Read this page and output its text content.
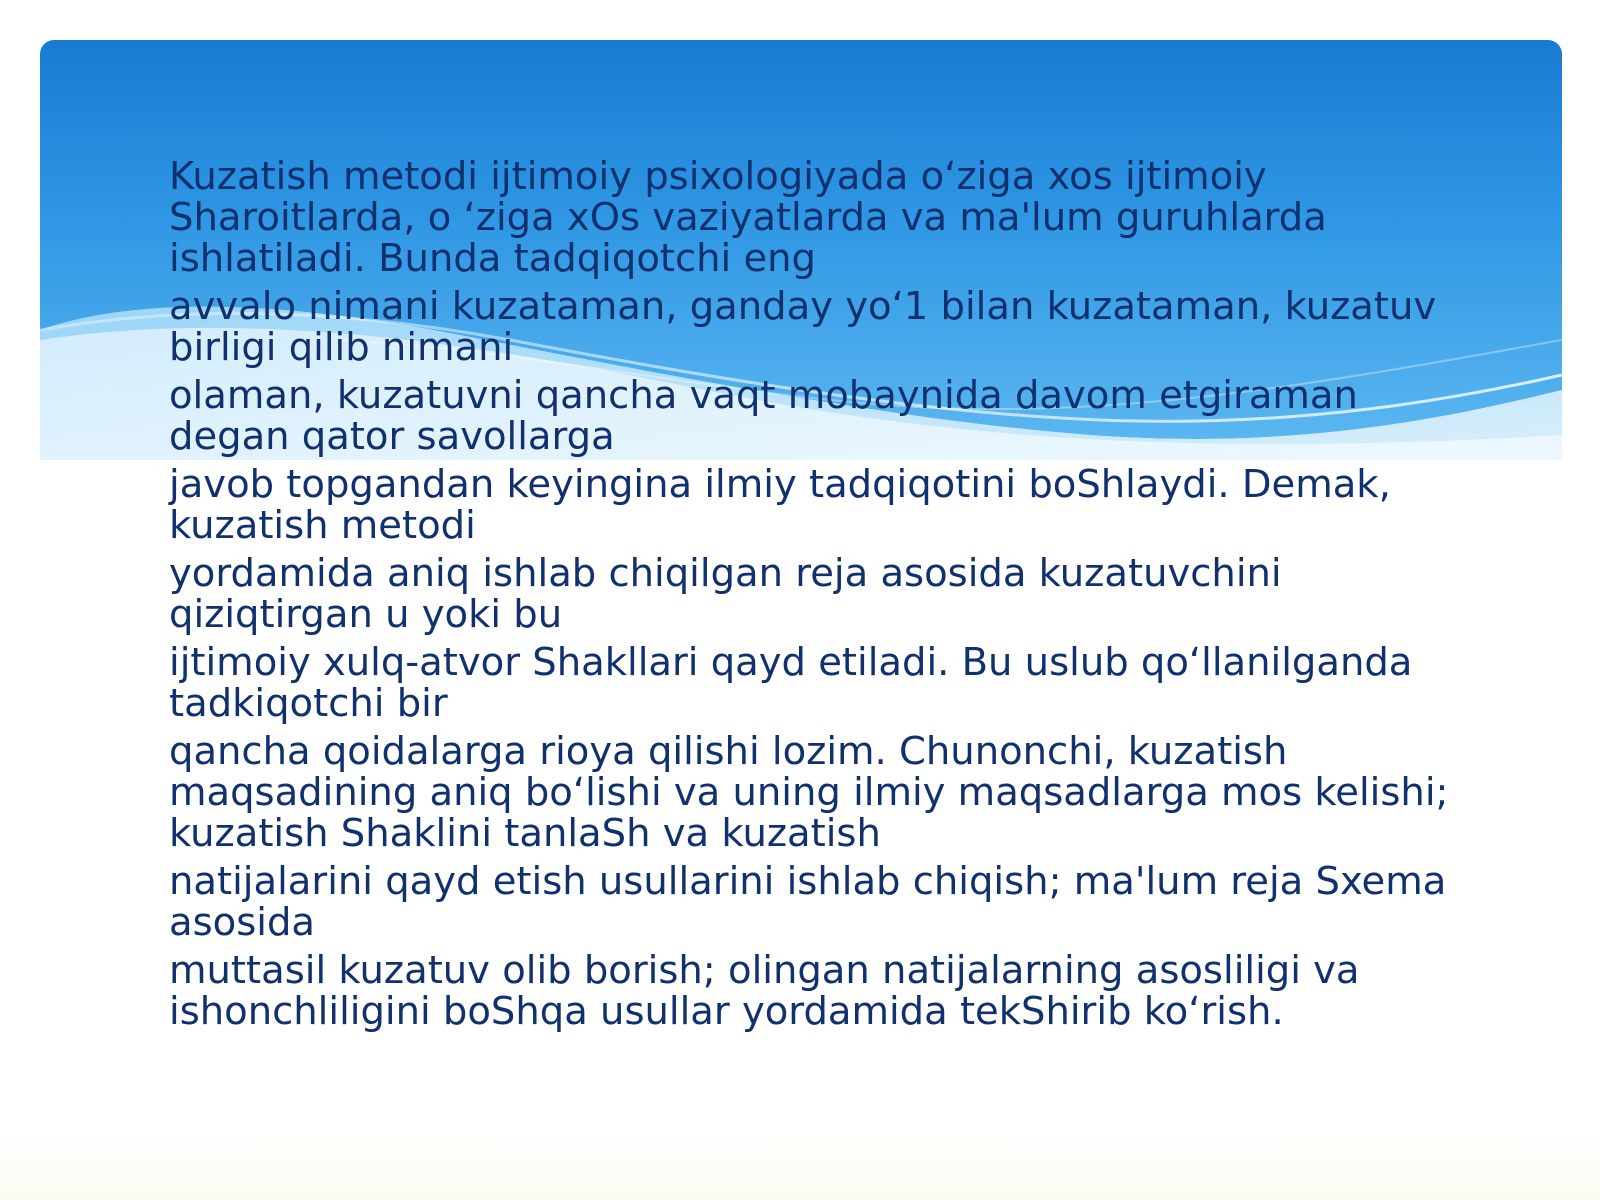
Kuzatish metodi ijtimoiy psixologiyada o‘ziga xos ijtimoiy Sharoitlarda, o ‘ziga xOs vaziyatlarda va ma'lum guruhlarda ishlatiladi. Bunda tadqiqotchi eng

avvalo nimani kuzataman, ganday yo‘1 bilan kuzataman, kuzatuv birligi qilib nimani

olaman, kuzatuvni qancha vaqt mobaynida davom etgiraman degan qator savollarga

javob topgandan keyingina ilmiy tadqiqotini boShlaydi. Demak, kuzatish metodi

yordamida aniq ishlab chiqilgan reja asosida kuzatuvchini qiziqtirgan u yoki bu

ijtimoiy xulq-atvor Shakllari qayd etiladi. Bu uslub qo‘llanilganda tadkiqotchi bir

qancha qoidalarga rioya qilishi lozim. Chunonchi, kuzatish maqsadining aniq bo‘lishi va uning ilmiy maqsadlarga mos kelishi; kuzatish Shaklini tanlaSh va kuzatish

natijalarini qayd etish usullarini ishlab chiqish; ma'lum reja Sxema asosida

muttasil kuzatuv olib borish; olingan natijalarning asosliligi va ishonchliligini boShqa usullar yordamida tekShirib ko‘rish.
